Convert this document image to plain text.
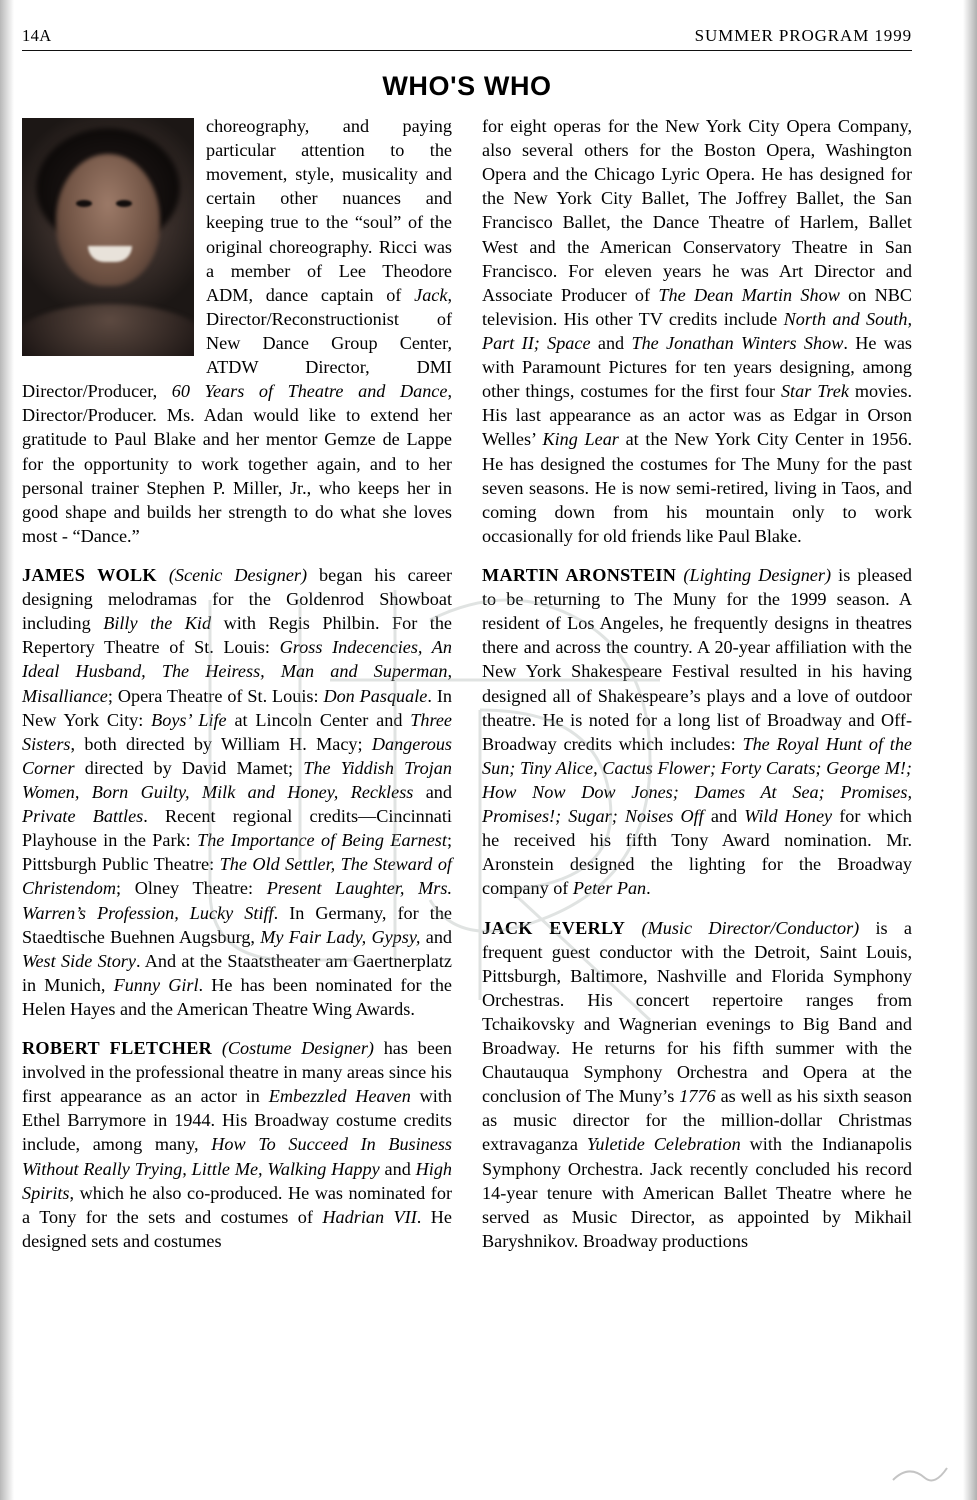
14A	SUMMER PROGRAM 1999
WHO'S WHO

choreography, and paying particular attention to the movement, style, musicality and certain other nuances and keeping true to the “soul” of the original choreography. Ricci was a member of Lee Theodore ADM, dance captain of Jack, Director/Reconstructionist of New Dance Group Center, ATDW Director, DMI Director/Producer, 60 Years of Theatre and Dance, Director/Producer. Ms. Adan would like to extend her gratitude to Paul Blake and her mentor Gemze de Lappe for the opportunity to work together again, and to her personal trainer Stephen P. Miller, Jr., who keeps her in good shape and builds her strength to do what she loves most - “Dance.”

JAMES WOLK (Scenic Designer) began his career designing melodramas for the Goldenrod Showboat including Billy the Kid with Regis Philbin. For the Repertory Theatre of St. Louis: Gross Indecencies, An Ideal Husband, The Heiress, Man and Superman, Misalliance; Opera Theatre of St. Louis: Don Pasquale. In New York City: Boys’ Life at Lincoln Center and Three Sisters, both directed by William H. Macy; Dangerous Corner directed by David Mamet; The Yiddish Trojan Women, Born Guilty, Milk and Honey, Reckless and Private Battles. Recent regional credits—Cincinnati Playhouse in the Park: The Importance of Being Earnest; Pittsburgh Public Theatre: The Old Settler, The Steward of Christendom; Olney Theatre: Present Laughter, Mrs. Warren’s Profession, Lucky Stiff. In Germany, for the Staedtische Buehnen Augsburg, My Fair Lady, Gypsy, and West Side Story. And at the Staatstheater am Gaertnerplatz in Munich, Funny Girl. He has been nominated for the Helen Hayes and the American Theatre Wing Awards.

ROBERT FLETCHER (Costume Designer) has been involved in the professional theatre in many areas since his first appearance as an actor in Embezzled Heaven with Ethel Barrymore in 1944. His Broadway costume credits include, among many, How To Succeed In Business Without Really Trying, Little Me, Walking Happy and High Spirits, which he also co-produced. He was nominated for a Tony for the sets and costumes of Hadrian VII. He designed sets and costumes

for eight operas for the New York City Opera Company, also several others for the Boston Opera, Washington Opera and the Chicago Lyric Opera. He has designed for the New York City Ballet, The Joffrey Ballet, the San Francisco Ballet, the Dance Theatre of Harlem, Ballet West and the American Conservatory Theatre in San Francisco. For eleven years he was Art Director and Associate Producer of The Dean Martin Show on NBC television. His other TV credits include North and South, Part II; Space and The Jonathan Winters Show. He was with Paramount Pictures for ten years designing, among other things, costumes for the first four Star Trek movies. His last appearance as an actor was as Edgar in Orson Welles’ King Lear at the New York City Center in 1956. He has designed the costumes for The Muny for the past seven seasons. He is now semi-retired, living in Taos, and coming down from his mountain only to work occasionally for old friends like Paul Blake.

MARTIN ARONSTEIN (Lighting Designer) is pleased to be returning to The Muny for the 1999 season. A resident of Los Angeles, he frequently designs in theatres there and across the country. A 20-year affiliation with the New York Shakespeare Festival resulted in his having designed all of Shakespeare’s plays and a love of outdoor theatre. He is noted for a long list of Broadway and Off-Broadway credits which includes: The Royal Hunt of the Sun; Tiny Alice, Cactus Flower; Forty Carats; George M!; How Now Dow Jones; Dames At Sea; Promises, Promises!; Sugar; Noises Off and Wild Honey for which he received his fifth Tony Award nomination. Mr. Aronstein designed the lighting for the Broadway company of Peter Pan.

JACK EVERLY (Music Director/Conductor) is a frequent guest conductor with the Detroit, Saint Louis, Pittsburgh, Baltimore, Nashville and Florida Symphony Orchestras. His concert repertoire ranges from Tchaikovsky and Wagnerian evenings to Big Band and Broadway. He returns for his fifth summer with the Chautauqua Symphony Orchestra and Opera at the conclusion of The Muny’s 1776 as well as his sixth season as music director for the million-dollar Christmas extravaganza Yuletide Celebration with the Indianapolis Symphony Orchestra. Jack recently concluded his record 14-year tenure with American Ballet Theatre where he served as Music Director, as appointed by Mikhail Baryshnikov. Broadway productions
